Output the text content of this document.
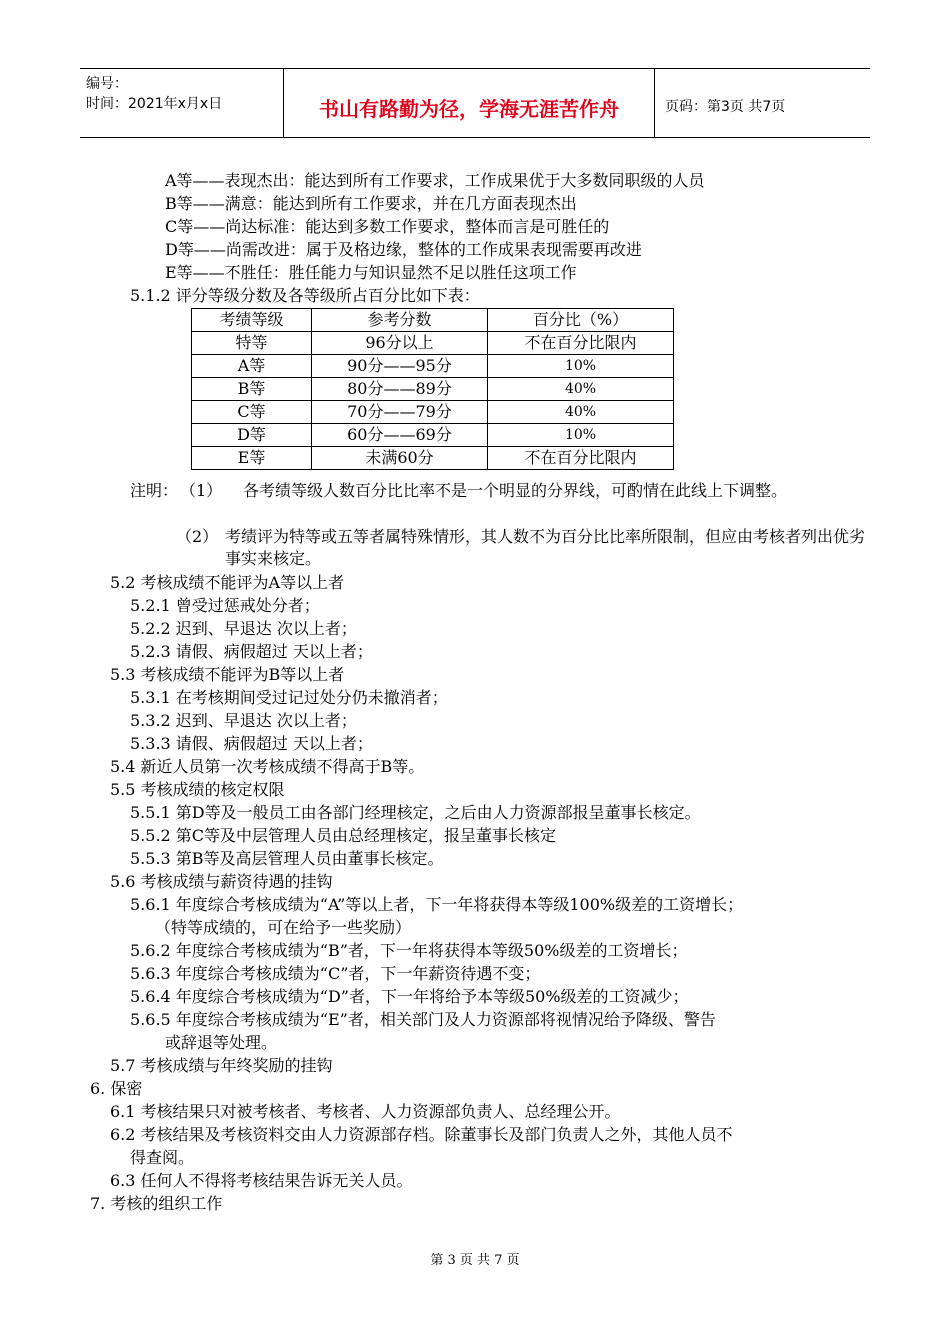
编号：
时间：2021年x月x日	书山有路勤为径，学海无涯苦作舟	页码：第3页 共7页
A等——表现杰出：能达到所有工作要求，工作成果优于大多数同职级的人员
B等——满意：能达到所有工作要求，并在几方面表现杰出
C等——尚达标准：能达到多数工作要求，整体而言是可胜任的
D等——尚需改进：属于及格边缘，整体的工作成果表现需要再改进
E等——不胜任：胜任能力与知识显然不足以胜任这项工作
5.1.2 评分等级分数及各等级所占百分比如下表：
考绩等级	参考分数	百分比（%）
特等	96分以上	不在百分比限内
A等	90分——95分	10%
B等	80分——89分	40%
C等	70分——79分	40%
D等	60分——69分	10%
E等	未满60分	不在百分比限内
注明： （1）	各考绩等级人数百分比比率不是一个明显的分界线，可酌情在此线上下调整。
（2） 考绩评为特等或五等者属特殊情形，其人数不为百分比比率所限制，但应由考核者列出优劣事实来核定。
5.2 考核成绩不能评为A等以上者
5.2.1 曾受过惩戒处分者；
5.2.2 迟到、早退达 次以上者；
5.2.3 请假、病假超过 天以上者；
5.3 考核成绩不能评为B等以上者
5.3.1 在考核期间受过记过处分仍未撤消者；
5.3.2 迟到、早退达 次以上者；
5.3.3 请假、病假超过 天以上者；
5.4 新近人员第一次考核成绩不得高于B等。
5.5 考核成绩的核定权限
5.5.1 第D等及一般员工由各部门经理核定，之后由人力资源部报呈董事长核定。
5.5.2 第C等及中层管理人员由总经理核定，报呈董事长核定
5.5.3 第B等及高层管理人员由董事长核定。
5.6 考核成绩与薪资待遇的挂钩
5.6.1 年度综合考核成绩为“A”等以上者，下一年将获得本等级100%级差的工资增长；
（特等成绩的，可在给予一些奖励）
5.6.2 年度综合考核成绩为“B”者，下一年将获得本等级50%级差的工资增长；
5.6.3 年度综合考核成绩为“C”者，下一年薪资待遇不变；
5.6.4 年度综合考核成绩为“D”者，下一年将给予本等级50%级差的工资减少；
5.6.5 年度综合考核成绩为“E”者，相关部门及人力资源部将视情况给予降级、警告
或辞退等处理。
5.7 考核成绩与年终奖励的挂钩
6. 保密
6.1 考核结果只对被考核者、考核者、人力资源部负责人、总经理公开。
6.2 考核结果及考核资料交由人力资源部存档。除董事长及部门负责人之外，其他人员不
得查阅。
6.3 任何人不得将考核结果告诉无关人员。
7. 考核的组织工作
第 3 页 共 7 页
